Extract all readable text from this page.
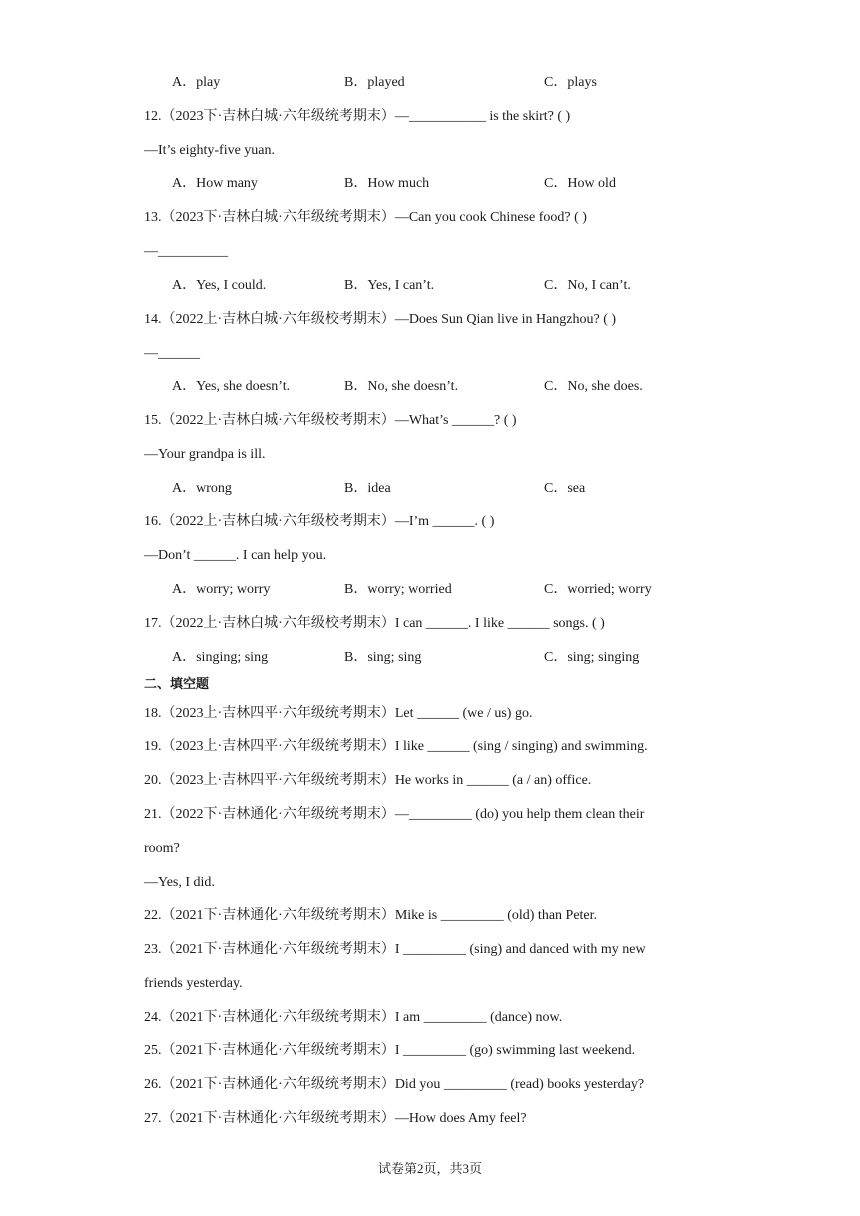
A．play	B．played	C．plays
12.（2023下·吉林白城·六年级统考期末）—___________ is the skirt? ( )
—It’s eighty-five yuan.
A．How many	B．How much	C．How old
13.（2023下·吉林白城·六年级统考期末）—Can you cook Chinese food? ( )
—__________
A．Yes, I could.	B．Yes, I can’t.	C．No, I can’t.
14.（2022上·吉林白城·六年级校考期末）—Does Sun Qian live in Hangzhou? ( )
—______
A．Yes, she doesn’t.	B．No, she doesn’t.	C．No, she does.
15.（2022上·吉林白城·六年级校考期末）—What’s ______? ( )
—Your grandpa is ill.
A．wrong	B．idea	C．sea
16.（2022上·吉林白城·六年级校考期末）—I’m ______. ( )
—Don’t ______. I can help you.
A．worry; worry	B．worry; worried	C．worried; worry
17.（2022上·吉林白城·六年级校考期末）I can ______. I like ______ songs. ( )
A．singing; sing	B．sing; sing	C．sing; singing
二、填空题
18.（2023上·吉林四平·六年级统考期末）Let ______ (we / us) go.
19.（2023上·吉林四平·六年级统考期末）I like ______ (sing / singing) and swimming.
20.（2023上·吉林四平·六年级统考期末）He works in ______ (a / an) office.
21.（2022下·吉林通化·六年级统考期末）—_________ (do) you help them clean their
room?
—Yes, I did.
22.（2021下·吉林通化·六年级统考期末）Mike is _________ (old) than Peter.
23.（2021下·吉林通化·六年级统考期末）I _________ (sing) and danced with my new
friends yesterday.
24.（2021下·吉林通化·六年级统考期末）I am _________ (dance) now.
25.（2021下·吉林通化·六年级统考期末）I _________ (go) swimming last weekend.
26.（2021下·吉林通化·六年级统考期末）Did you _________ (read) books yesterday?
27.（2021下·吉林通化·六年级统考期末）—How does Amy feel?
试卷第2页，共3页
